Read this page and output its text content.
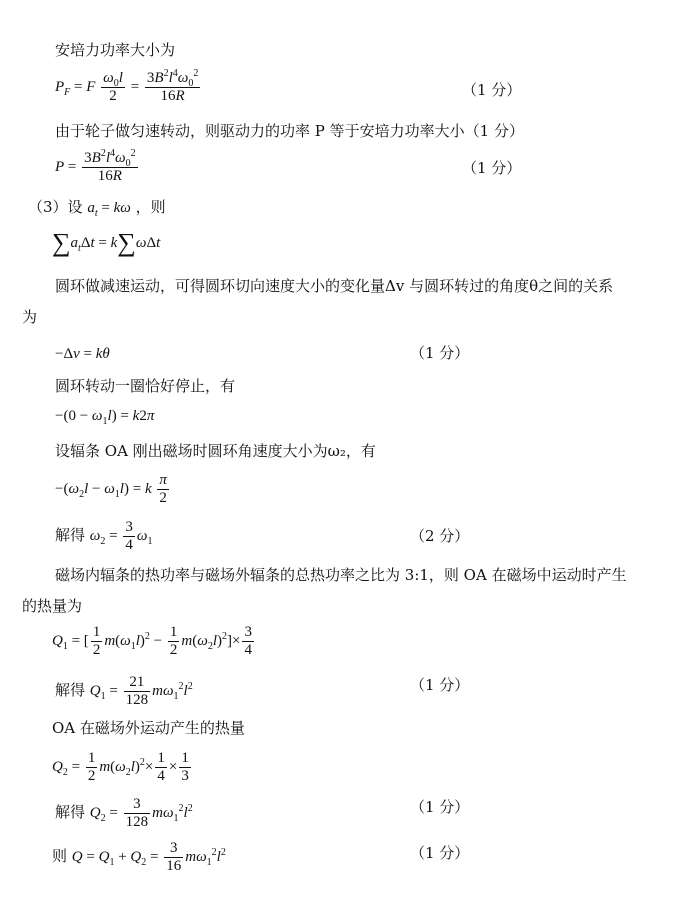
安培力功率大小为
$P_F = F \frac{\omega_0l}{2} = \frac{3B^2l^4\omega_0^2}{16R}$	（1 分）
由于轮子做匀速转动，则驱动力的功率 P 等于安培力功率大小（1 分）
$P = \frac{3B^2l^4\omega_0^2}{16R}$	（1 分）
（3）设 $a_t = k\omega$ ，则
$\sum a_t\Delta t = k\sum\omega\Delta t$
圆环做减速运动，可得圆环切向速度大小的变化量Δv 与圆环转过的角度θ之间的关系
为
−Δv = kθ	（1 分）
圆环转动一圈恰好停止，有
$-(0 - \omega_1l) = k2\pi$
设辐条 OA 刚出磁场时圆环角速度大小为ω₂，有
$-(\omega_2l - \omega_1l) = k \frac{\pi}{2}$
解得 $\omega_2 = \frac{3}{4} \omega_1$	（2 分）
磁场内辐条的热功率与磁场外辐条的总热功率之比为 3:1，则 OA 在磁场中运动时产生
的热量为
$Q_1$ = [ $\frac{1}{2} m(\omega_1l)^2 - \frac{1}{2} m(\omega_2l)^2]\times \frac{3}{4}$
解得 $Q_1 = \frac{21}{128} m\omega_1^2l^2$	（1 分）
OA 在磁场外运动产生的热量
$Q_2 = \frac{1}{2} m(\omega_2l)^2\times \frac{1}{4} \times \frac{1}{3}$
解得 $Q_2 = \frac{3}{128} m\omega_1^2l^2$	（1 分）
则 $Q = Q_1 + Q_2 = \frac{3}{16} m\omega_1^2l^2$	（1 分）
